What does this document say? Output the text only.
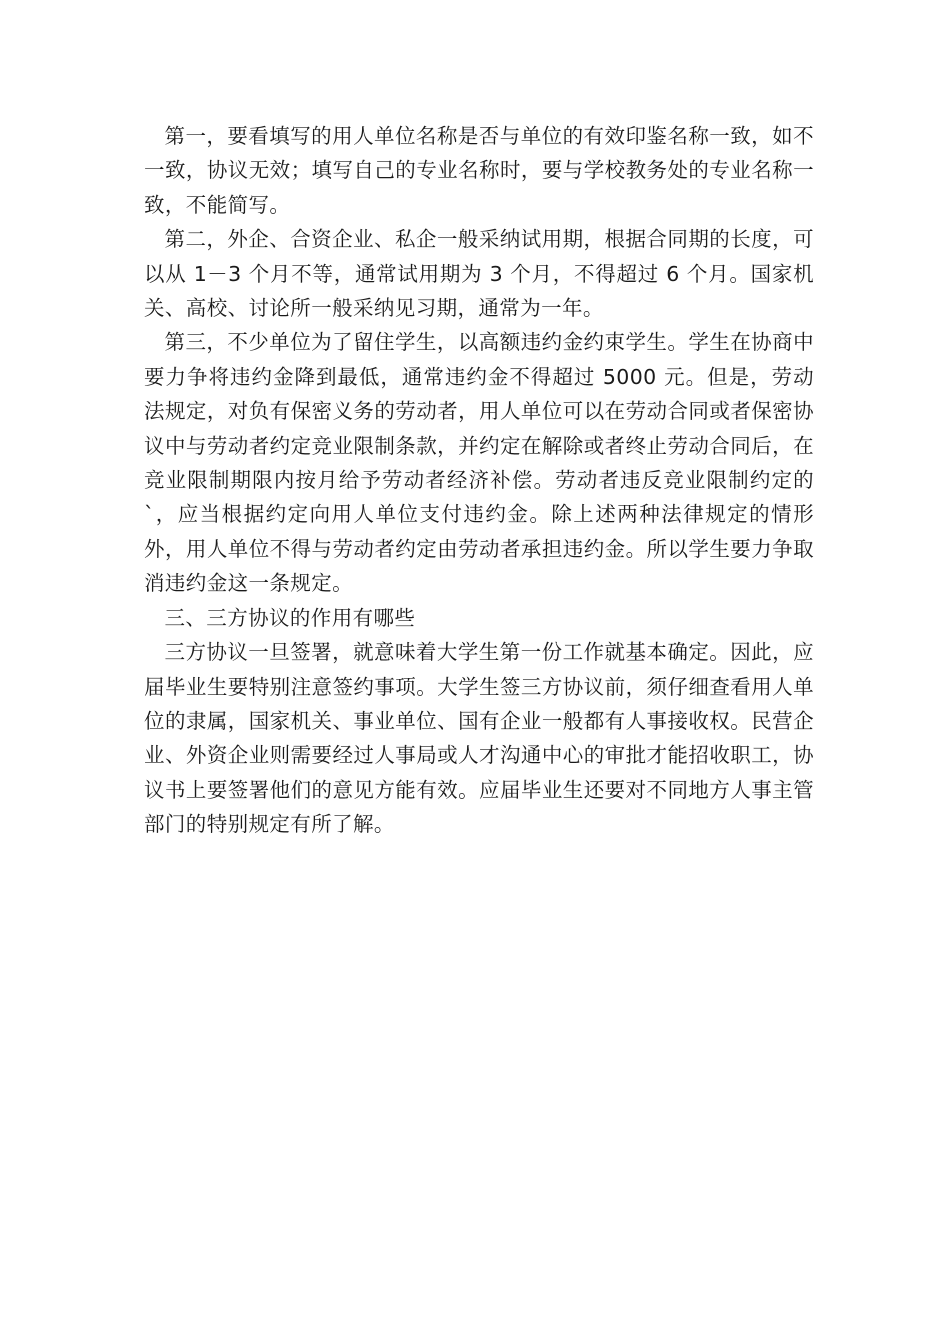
第一，要看填写的用人单位名称是否与单位的有效印鉴名称一致，如不一致，协议无效；填写自己的专业名称时，要与学校教务处的专业名称一致，不能简写。

第二，外企、合资企业、私企一般采纳试用期，根据合同期的长度，可以从 1－3 个月不等，通常试用期为 3 个月，不得超过 6 个月。国家机关、高校、讨论所一般采纳见习期，通常为一年。

第三，不少单位为了留住学生，以高额违约金约束学生。学生在协商中要力争将违约金降到最低，通常违约金不得超过 5000 元。但是，劳动法规定，对负有保密义务的劳动者，用人单位可以在劳动合同或者保密协议中与劳动者约定竞业限制条款，并约定在解除或者终止劳动合同后，在竞业限制期限内按月给予劳动者经济补偿。劳动者违反竞业限制约定的`，应当根据约定向用人单位支付违约金。除上述两种法律规定的情形外，用人单位不得与劳动者约定由劳动者承担违约金。所以学生要力争取消违约金这一条规定。

三、三方协议的作用有哪些

三方协议一旦签署，就意味着大学生第一份工作就基本确定。因此，应届毕业生要特别注意签约事项。大学生签三方协议前，须仔细查看用人单位的隶属，国家机关、事业单位、国有企业一般都有人事接收权。民营企业、外资企业则需要经过人事局或人才沟通中心的审批才能招收职工，协议书上要签署他们的意见方能有效。应届毕业生还要对不同地方人事主管部门的特别规定有所了解。
